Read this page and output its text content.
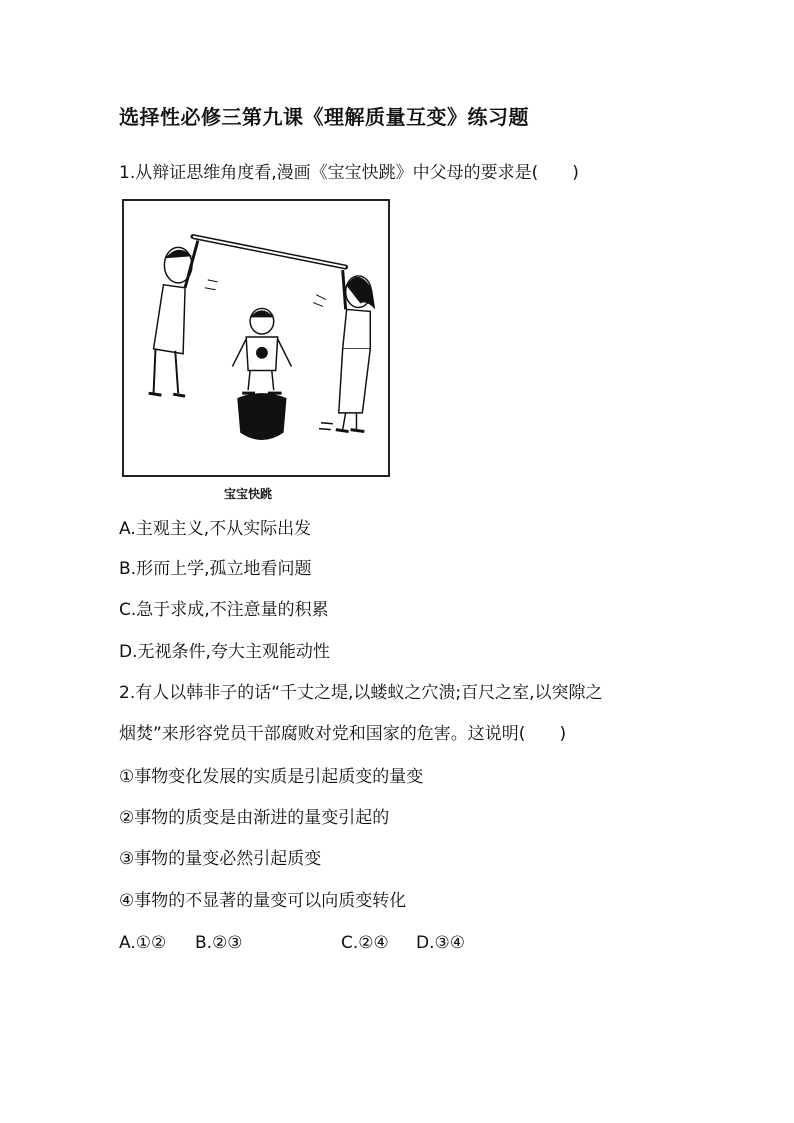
选择性必修三第九课《理解质量互变》练习题
1.从辩证思维角度看,漫画《宝宝快跳》中父母的要求是(　　)
宝宝快跳
A.主观主义,不从实际出发
B.形而上学,孤立地看问题
C.急于求成,不注意量的积累
D.无视条件,夸大主观能动性
2.有人以韩非子的话“千丈之堤,以蝼蚁之穴溃;百尺之室,以突隙之
烟焚”来形容党员干部腐败对党和国家的危害。这说明(　　)
①事物变化发展的实质是引起质变的量变
②事物的质变是由渐进的量变引起的
③事物的量变必然引起质变
④事物的不显著的量变可以向质变转化
A.①② B.②③	C.②④ D.③④
